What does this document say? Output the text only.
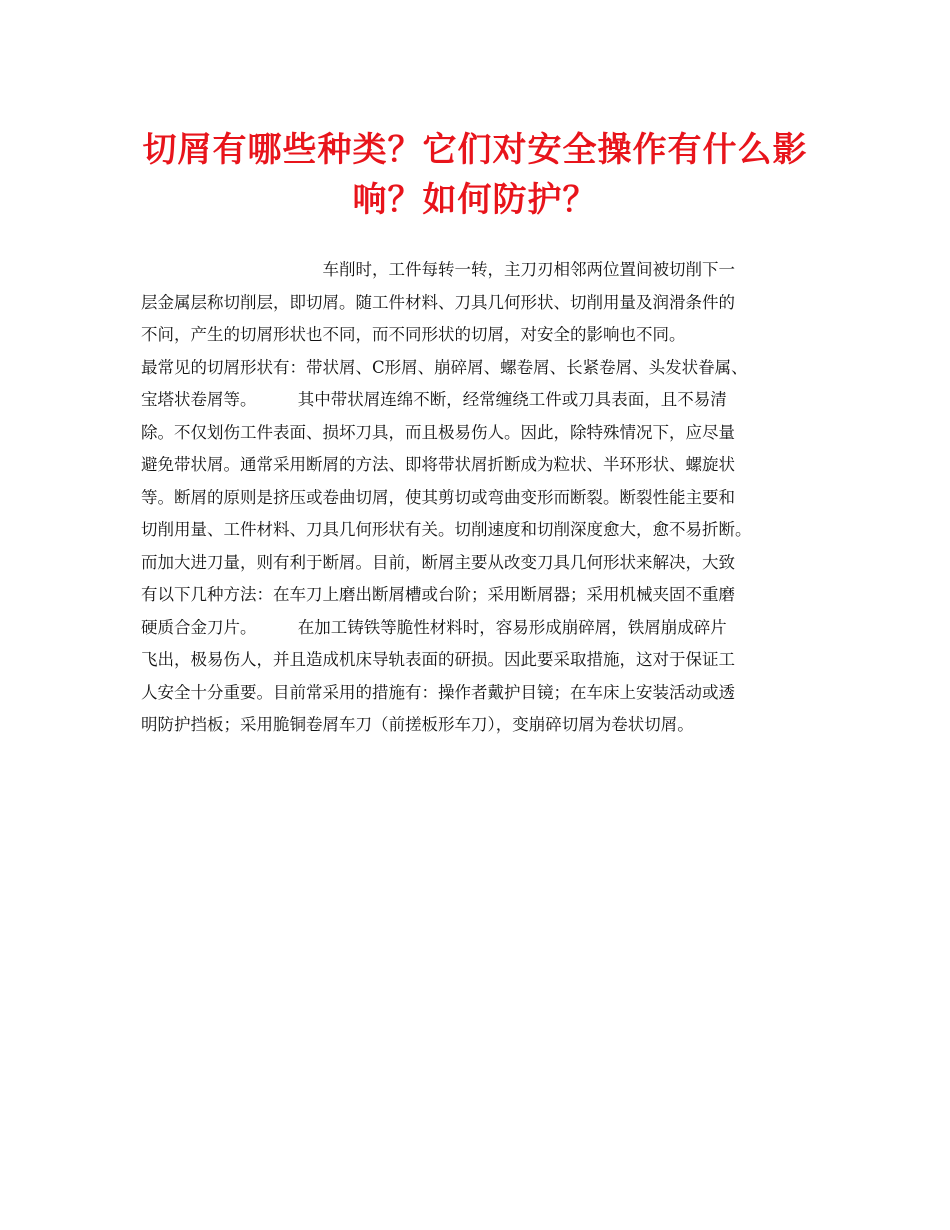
切屑有哪些种类？它们对安全操作有什么影
响？如何防护？
　　　　　　　　　　　车削时，工件每转一转，主刀刃相邻两位置间被切削下一
层金属层称切削层，即切屑。随工件材料、刀具几何形状、切削用量及润滑条件的
不问，产生的切屑形状也不同，而不同形状的切屑，对安全的影响也不同。
最常见的切屑形状有：带状屑、C形屑、崩碎屑、螺卷屑、长紧卷屑、头发状眷属、
宝塔状卷屑等。　　　其中带状屑连绵不断，经常缠绕工件或刀具表面，且不易清
除。不仅划伤工件表面、损坏刀具，而且极易伤人。因此，除特殊情况下，应尽量
避免带状屑。通常采用断屑的方法、即将带状屑折断成为粒状、半环形状、螺旋状
等。断屑的原则是挤压或卷曲切屑，使其剪切或弯曲变形而断裂。断裂性能主要和
切削用量、工件材料、刀具几何形状有关。切削速度和切削深度愈大，愈不易折断。
而加大进刀量，则有利于断屑。目前，断屑主要从改变刀具几何形状来解决，大致
有以下几种方法：在车刀上磨出断屑槽或台阶；采用断屑器；采用机械夹固不重磨
硬质合金刀片。　　　在加工铸铁等脆性材料时，容易形成崩碎屑，铁屑崩成碎片
飞出，极易伤人，并且造成机床导轨表面的研损。因此要采取措施，这对于保证工
人安全十分重要。目前常采用的措施有：操作者戴护目镜；在车床上安装活动或透
明防护挡板；采用脆铜卷屑车刀（前搓板形车刀），变崩碎切屑为卷状切屑。
